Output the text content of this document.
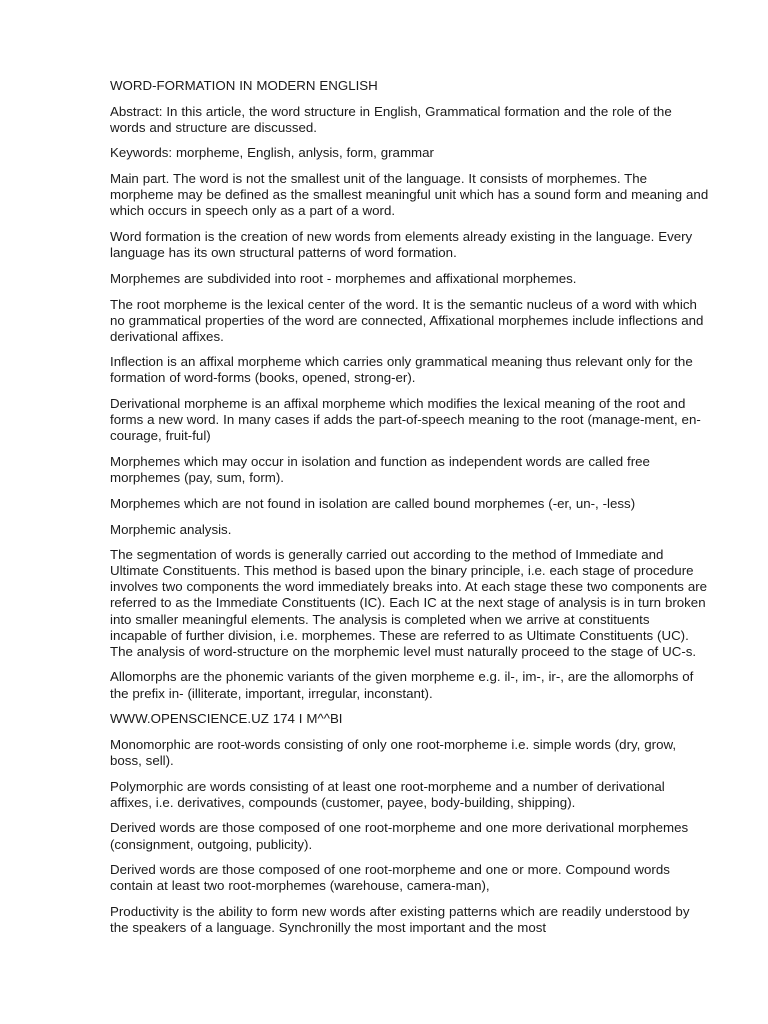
WORD-FORMATION IN MODERN ENGLISH

Abstract: In this article, the word structure in English, Grammatical formation and the role of the words and structure are discussed.

Keywords: morpheme, English, anlysis, form, grammar

Main part. The word is not the smallest unit of the language. It consists of morphemes. The morpheme may be defined as the smallest meaningful unit which has a sound form and meaning and which occurs in speech only as a part of a word.

Word formation is the creation of new words from elements already existing in the language. Every language has its own structural patterns of word formation.

Morphemes are subdivided into root - morphemes and affixational morphemes.

The root morpheme is the lexical center of the word. It is the semantic nucleus of a word with which no grammatical properties of the word are connected, Affixational morphemes include inflections and derivational affixes.

Inflection is an affixal morpheme which carries only grammatical meaning thus relevant only for the formation of word-forms (books, opened, strong-er).

Derivational morpheme is an affixal morpheme which modifies the lexical meaning of the root and forms a new word. In many cases if adds the part-of-speech meaning to the root (manage-ment, en-courage, fruit-ful)

Morphemes which may occur in isolation and function as independent words are called free morphemes (pay, sum, form).

Morphemes which are not found in isolation are called bound morphemes (-er, un-, -less)

Morphemic analysis.

The segmentation of words is generally carried out according to the method of Immediate and Ultimate Constituents. This method is based upon the binary principle, i.e. each stage of procedure involves two components the word immediately breaks into. At each stage these two components are referred to as the Immediate Constituents (IC). Each IC at the next stage of analysis is in turn broken into smaller meaningful elements. The analysis is completed when we arrive at constituents incapable of further division, i.e. morphemes. These are referred to as Ultimate Constituents (UC). The analysis of word-structure on the morphemic level must naturally proceed to the stage of UC-s.

Allomorphs are the phonemic variants of the given morpheme e.g. il-, im-, ir-, are the allomorphs of the prefix in- (illiterate, important, irregular, inconstant).

WWW.OPENSCIENCE.UZ 174 I M^^BI

Monomorphic are root-words consisting of only one root-morpheme i.e. simple words (dry, grow, boss, sell).

Polymorphic are words consisting of at least one root-morpheme and a number of derivational affixes, i.e. derivatives, compounds (customer, payee, body-building, shipping).

Derived words are those composed of one root-morpheme and one more derivational morphemes (consignment, outgoing, publicity).

Derived words are those composed of one root-morpheme and one or more. Compound words contain at least two root-morphemes (warehouse, camera-man),

Productivity is the ability to form new words after existing patterns which are readily understood by the speakers of a language. Synchronilly the most important and the most
